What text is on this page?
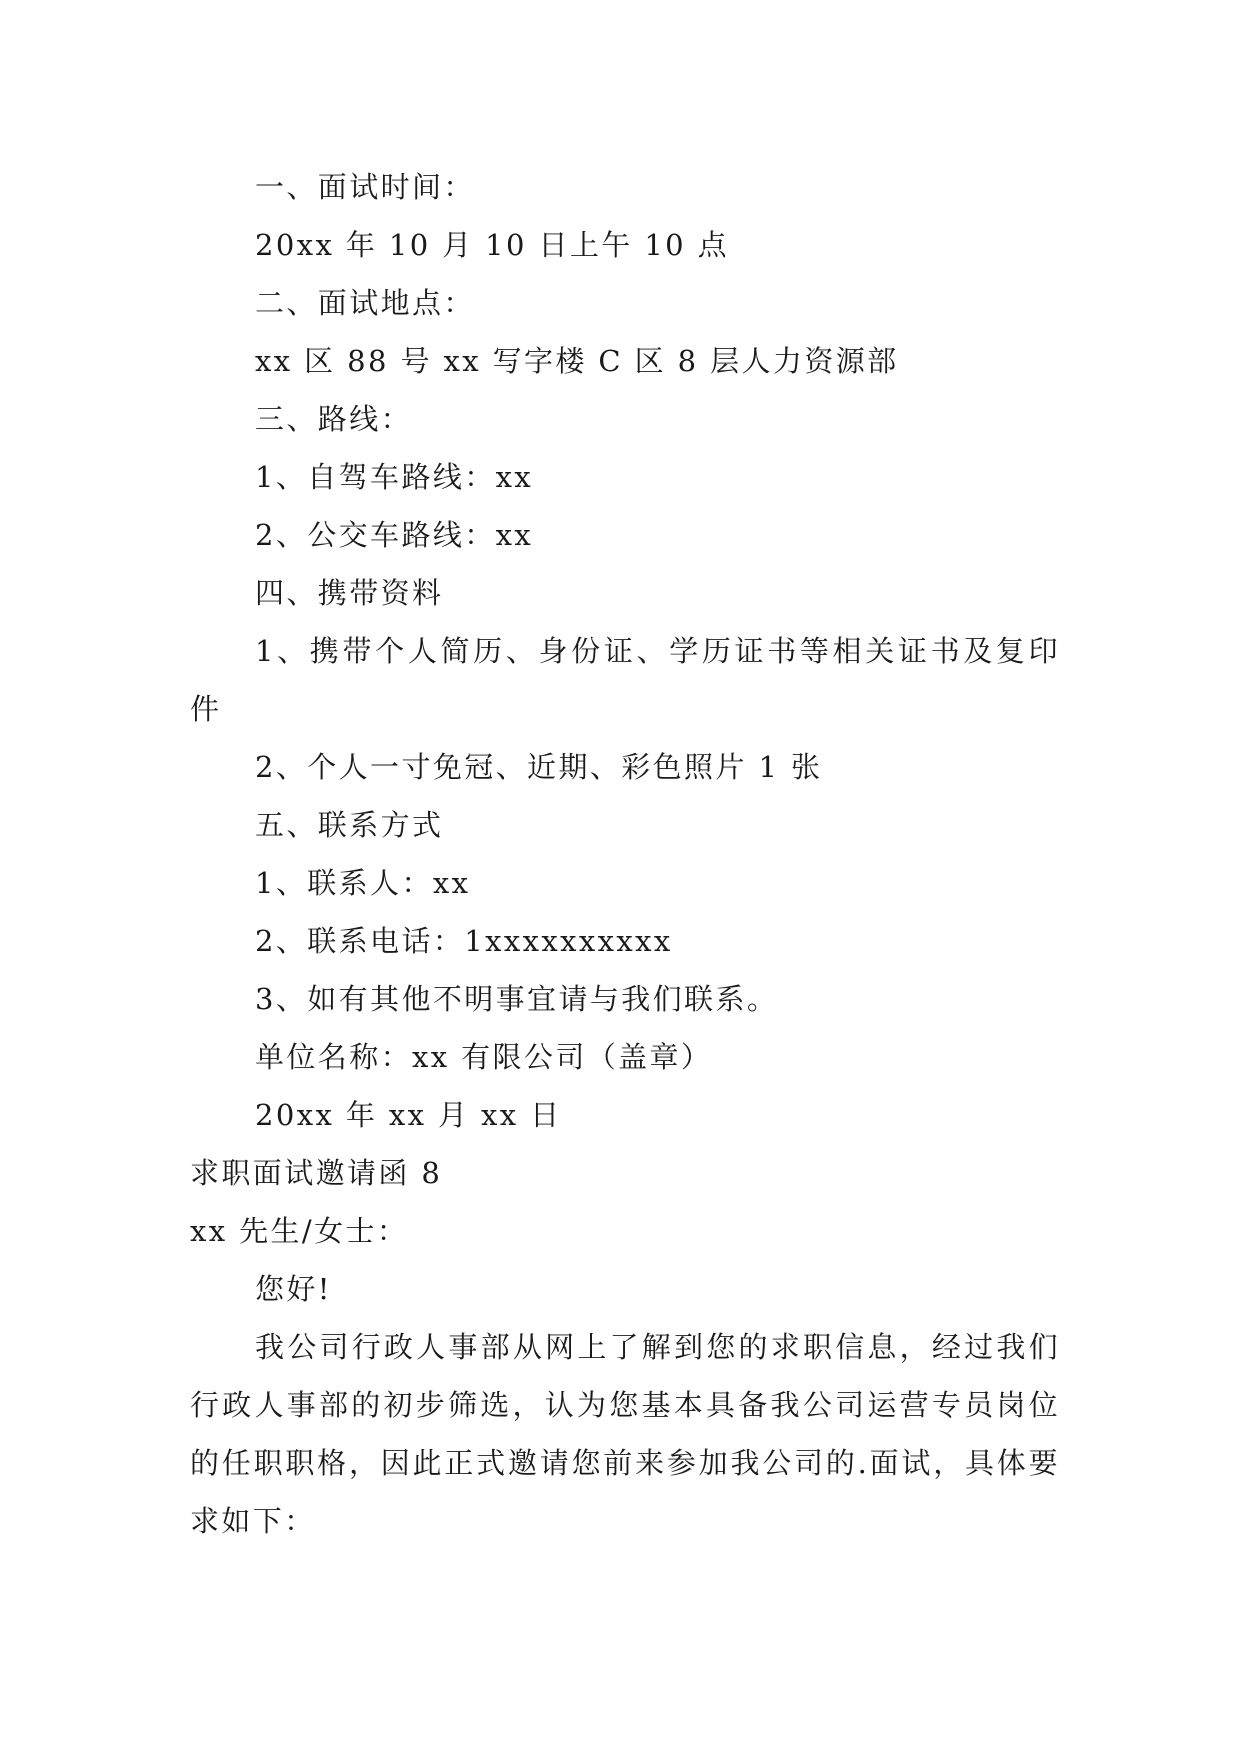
一、面试时间：
20xx 年 10 月 10 日上午 10 点
二、面试地点：
xx 区 88 号 xx 写字楼 C 区 8 层人力资源部
三、路线：
1、自驾车路线：xx
2、公交车路线：xx
四、携带资料

1、携带个人简历、身份证、学历证书等相关证书及复印件

2、个人一寸免冠、近期、彩色照片 1 张
五、联系方式
1、联系人：xx
2、联系电话：1xxxxxxxxxx
3、如有其他不明事宜请与我们联系。
单位名称：xx 有限公司（盖章）
20xx 年 xx 月 xx 日
求职面试邀请函 8
xx 先生/女士：
您好!

我公司行政人事部从网上了解到您的求职信息，经过我们行政人事部的初步筛选，认为您基本具备我公司运营专员岗位的任职职格，因此正式邀请您前来参加我公司的.面试，具体要求如下：
